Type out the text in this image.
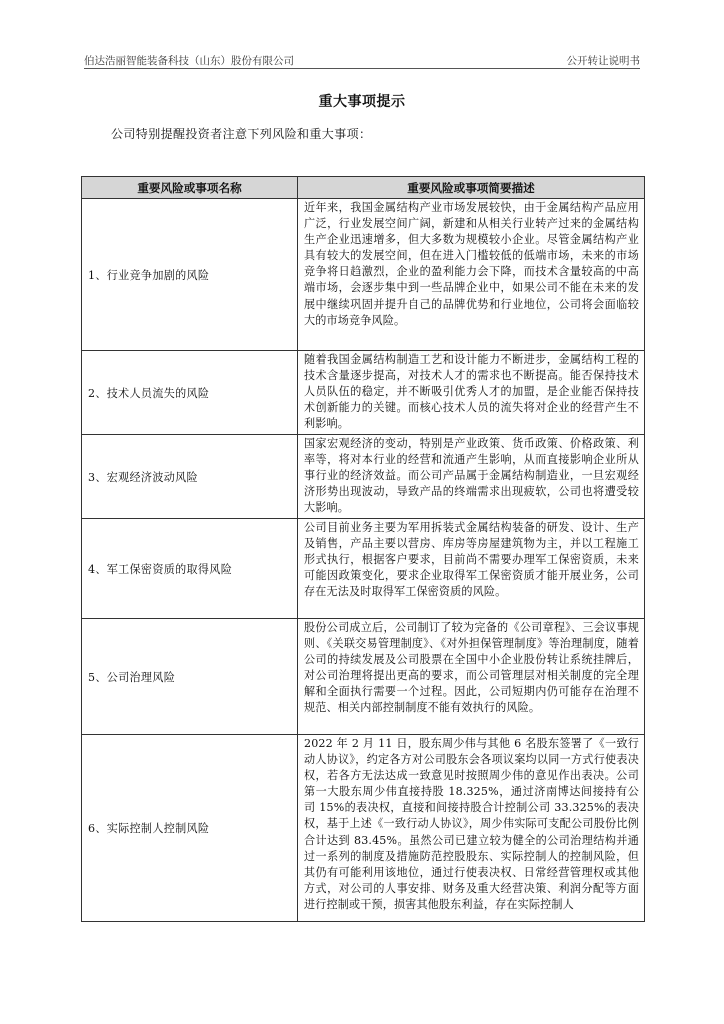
伯达浩丽智能装备科技（山东）股份有限公司	公开转让说明书
重大事项提示
公司特别提醒投资者注意下列风险和重大事项：
重要风险或事项名称	重要风险或事项简要描述
1、行业竞争加剧的风险	近年来，我国金属结构产业市场发展较快，由于金属结构产品应用广泛，行业发展空间广阔，新建和从相关行业转产过来的金属结构生产企业迅速增多，但大多数为规模较小企业。尽管金属结构产业具有较大的发展空间，但在进入门槛较低的低端市场，未来的市场竞争将日趋激烈，企业的盈利能力会下降，而技术含量较高的中高端市场，会逐步集中到一些品牌企业中，如果公司不能在未来的发展中继续巩固并提升自己的品牌优势和行业地位，公司将会面临较大的市场竞争风险。
2、技术人员流失的风险	随着我国金属结构制造工艺和设计能力不断进步，金属结构工程的技术含量逐步提高，对技术人才的需求也不断提高。能否保持技术人员队伍的稳定，并不断吸引优秀人才的加盟，是企业能否保持技术创新能力的关键。而核心技术人员的流失将对企业的经营产生不利影响。
3、宏观经济波动风险	国家宏观经济的变动，特别是产业政策、货币政策、价格政策、利率等，将对本行业的经营和流通产生影响，从而直接影响企业所从事行业的经济效益。而公司产品属于金属结构制造业，一旦宏观经济形势出现波动，导致产品的终端需求出现疲软，公司也将遭受较大影响。
4、军工保密资质的取得风险	公司目前业务主要为军用拆装式金属结构装备的研发、设计、生产及销售，产品主要以营房、库房等房屋建筑物为主，并以工程施工形式执行，根据客户要求，目前尚不需要办理军工保密资质，未来可能因政策变化，要求企业取得军工保密资质才能开展业务，公司存在无法及时取得军工保密资质的风险。
5、公司治理风险	股份公司成立后，公司制订了较为完备的《公司章程》、三会议事规则、《关联交易管理制度》、《对外担保管理制度》等治理制度，随着公司的持续发展及公司股票在全国中小企业股份转让系统挂牌后，对公司治理将提出更高的要求，而公司管理层对相关制度的完全理解和全面执行需要一个过程。因此，公司短期内仍可能存在治理不规范、相关内部控制制度不能有效执行的风险。
6、实际控制人控制风险	2022 年 2 月 11 日，股东周少伟与其他 6 名股东签署了《一致行动人协议》，约定各方对公司股东会各项议案均以同一方式行使表决权，若各方无法达成一致意见时按照周少伟的意见作出表决。公司第一大股东周少伟直接持股 18.325%，通过济南博达间接持有公司 15%的表决权，直接和间接持股合计控制公司 33.325%的表决权，基于上述《一致行动人协议》，周少伟实际可支配公司股份比例合计达到 83.45%。虽然公司已建立较为健全的公司治理结构并通过一系列的制度及措施防范控股股东、实际控制人的控制风险，但其仍有可能利用该地位，通过行使表决权、日常经营管理权或其他方式，对公司的人事安排、财务及重大经营决策、利润分配等方面进行控制或干预，损害其他股东利益，存在实际控制人
